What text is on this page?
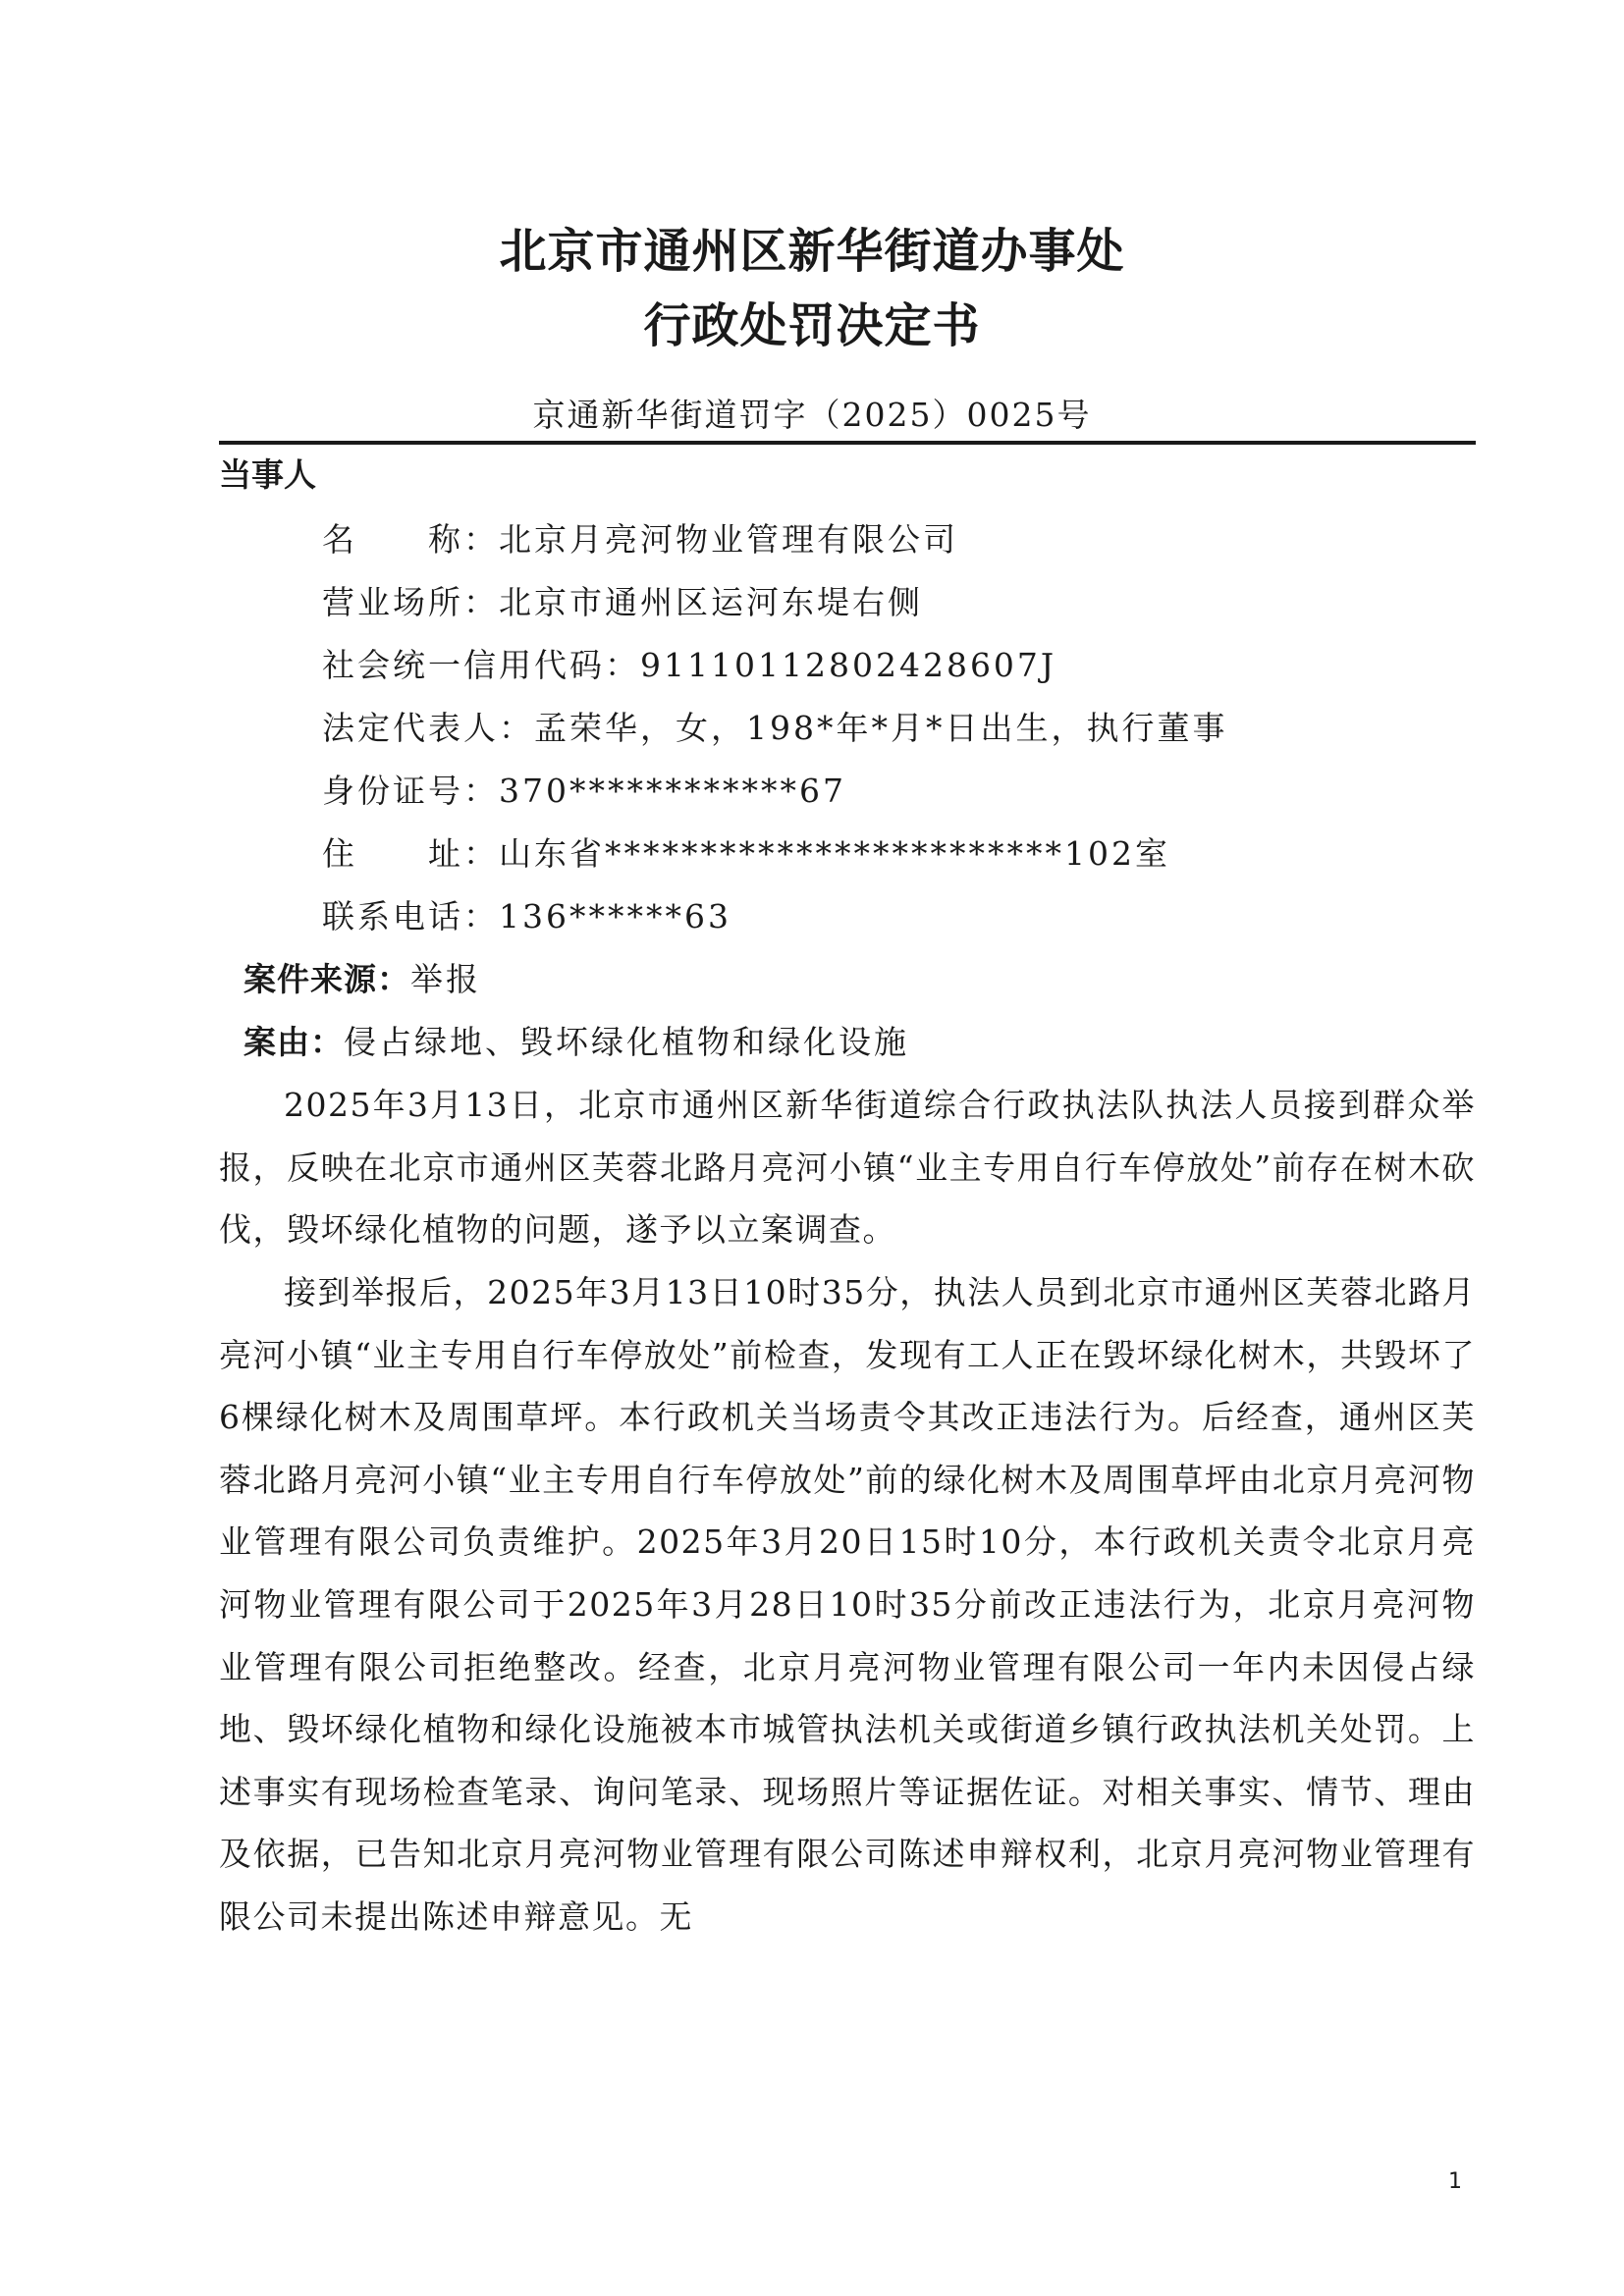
北京市通州区新华街道办事处
行政处罚决定书
京通新华街道罚字（2025）0025号
当事人
名　　称：北京月亮河物业管理有限公司
营业场所：北京市通州区运河东堤右侧
社会统一信用代码：91110112802428607J
法定代表人：孟荣华，女，198*年*月*日出生，执行董事
身份证号：370************67
住　　址：山东省************************102室
联系电话：136******63
案件来源：举报
案由：侵占绿地、毁坏绿化植物和绿化设施
2025年3月13日，北京市通州区新华街道综合行政执法队执法人员接到群众举报，反映在北京市通州区芙蓉北路月亮河小镇“业主专用自行车停放处”前存在树木砍伐，毁坏绿化植物的问题，遂予以立案调查。
接到举报后，2025年3月13日10时35分，执法人员到北京市通州区芙蓉北路月亮河小镇“业主专用自行车停放处”前检查，发现有工人正在毁坏绿化树木，共毁坏了6棵绿化树木及周围草坪。本行政机关当场责令其改正违法行为。后经查，通州区芙蓉北路月亮河小镇“业主专用自行车停放处”前的绿化树木及周围草坪由北京月亮河物业管理有限公司负责维护。2025年3月20日15时10分，本行政机关责令北京月亮河物业管理有限公司于2025年3月28日10时35分前改正违法行为，北京月亮河物业管理有限公司拒绝整改。经查，北京月亮河物业管理有限公司一年内未因侵占绿地、毁坏绿化植物和绿化设施被本市城管执法机关或街道乡镇行政执法机关处罚。上述事实有现场检查笔录、询问笔录、现场照片等证据佐证。对相关事实、情节、理由及依据，已告知北京月亮河物业管理有限公司陈述申辩权利，北京月亮河物业管理有限公司未提出陈述申辩意见。无
1
